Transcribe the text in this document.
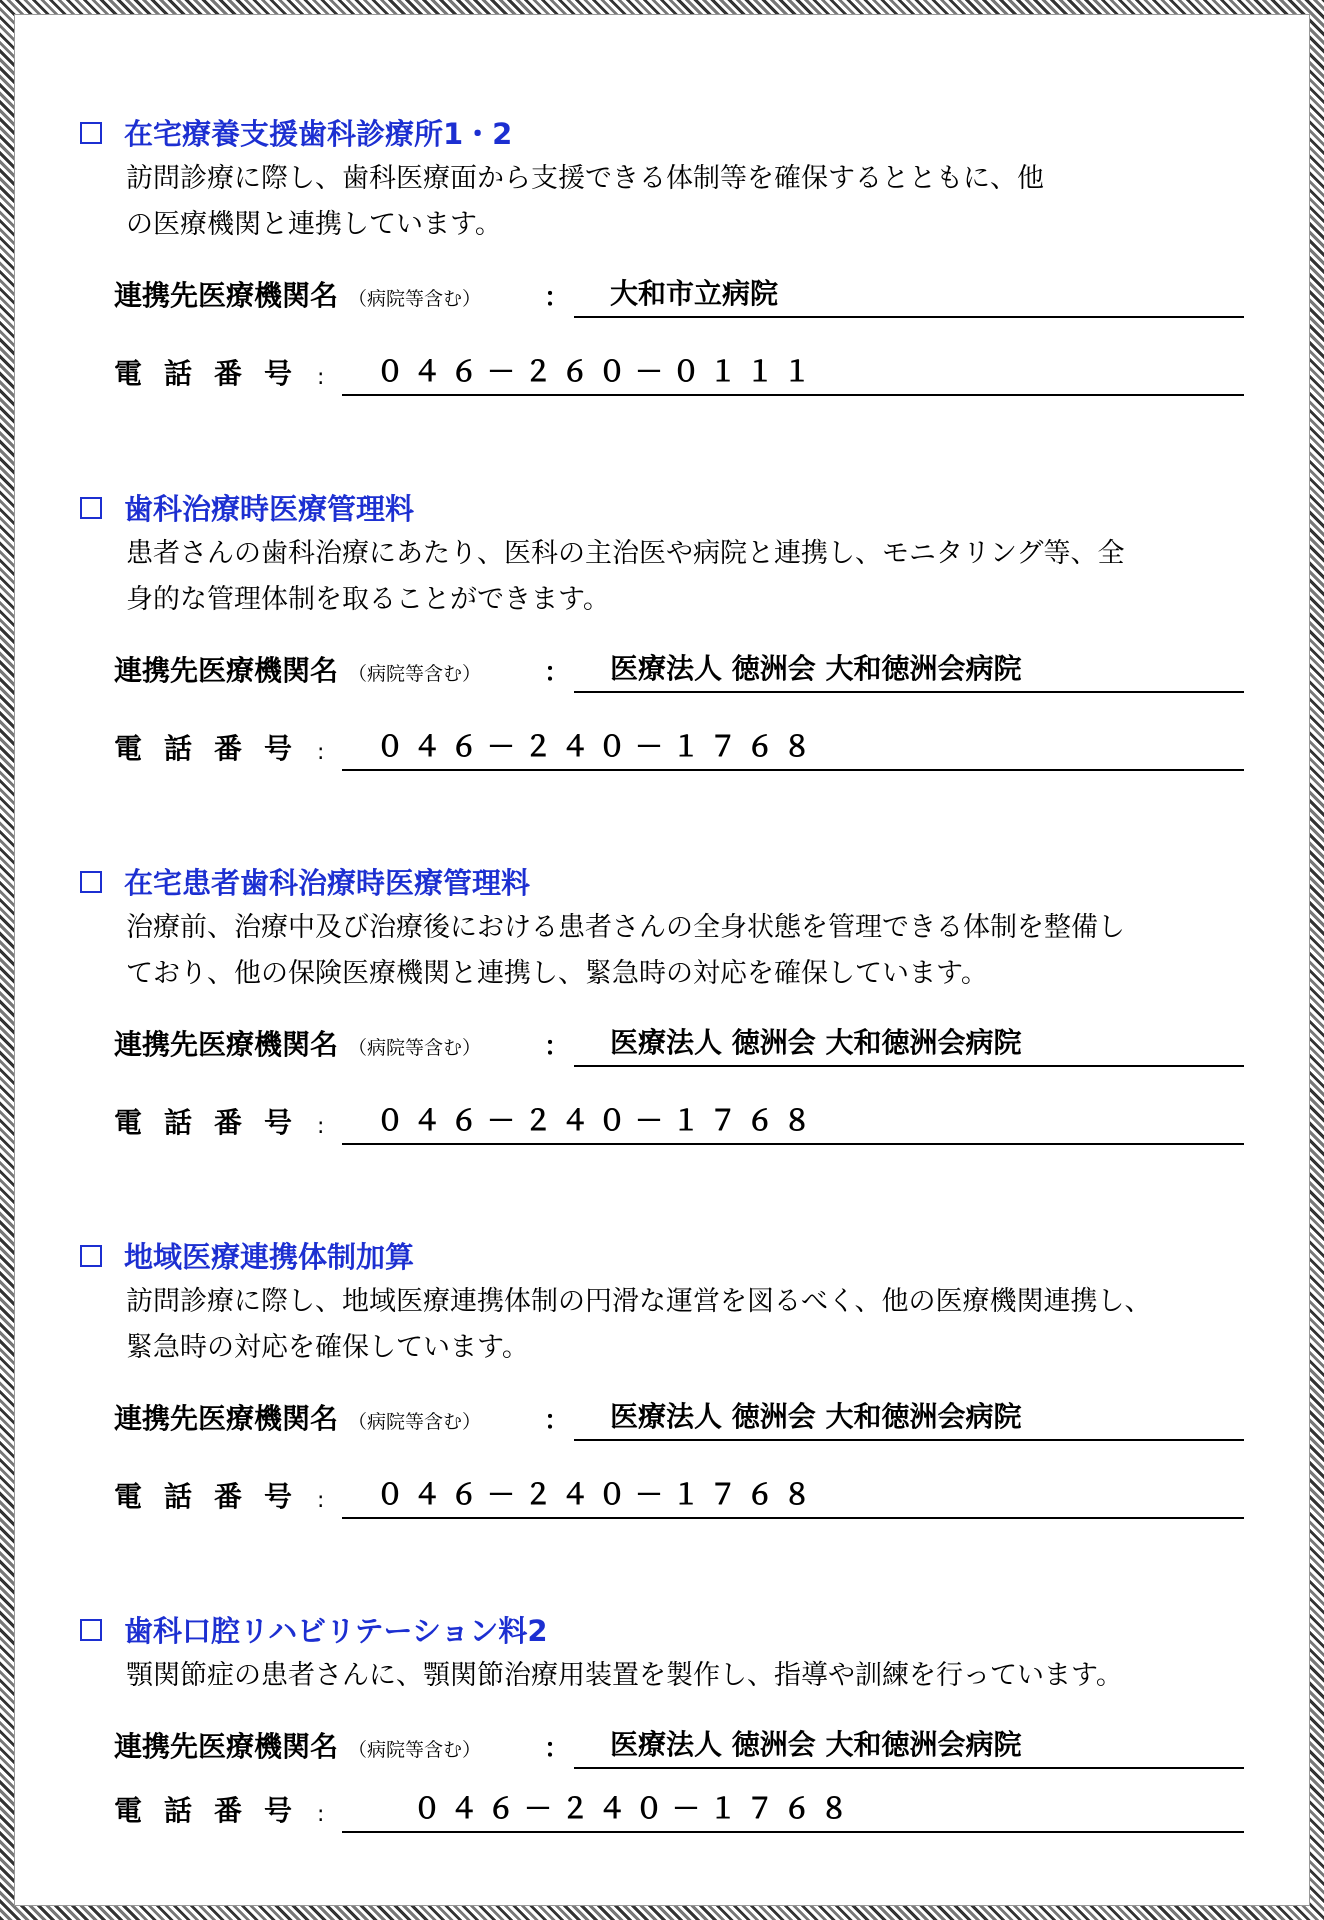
在宅療養支援歯科診療所1・2
訪問診療に際し、歯科医療面から支援できる体制等を確保するとともに、他
の医療機関と連携しています。
連携先医療機関名 （病院等含む） ： 大和市立病院
電話番号 : ０４６－２６０－０１１１
歯科治療時医療管理料
患者さんの歯科治療にあたり、医科の主治医や病院と連携し、モニタリング等、全
身的な管理体制を取ることができます。
連携先医療機関名 （病院等含む） ： 医療法人 徳洲会 大和徳洲会病院
電話番号 : ０４６－２４０－１７６８
在宅患者歯科治療時医療管理料
治療前、治療中及び治療後における患者さんの全身状態を管理できる体制を整備し
ており、他の保険医療機関と連携し、緊急時の対応を確保しています。
連携先医療機関名 （病院等含む） ： 医療法人 徳洲会 大和徳洲会病院
電話番号 : ０４６－２４０－１７６８
地域医療連携体制加算
訪問診療に際し、地域医療連携体制の円滑な運営を図るべく、他の医療機関連携し、
緊急時の対応を確保しています。
連携先医療機関名 （病院等含む） ： 医療法人 徳洲会 大和徳洲会病院
電話番号 : ０４６－２４０－１７６８
歯科口腔リハビリテーション料2
顎関節症の患者さんに、顎関節治療用装置を製作し、指導や訓練を行っています。
連携先医療機関名 （病院等含む） ： 医療法人 徳洲会 大和徳洲会病院
電話番号 : 　０４６－２４０－１７６８
